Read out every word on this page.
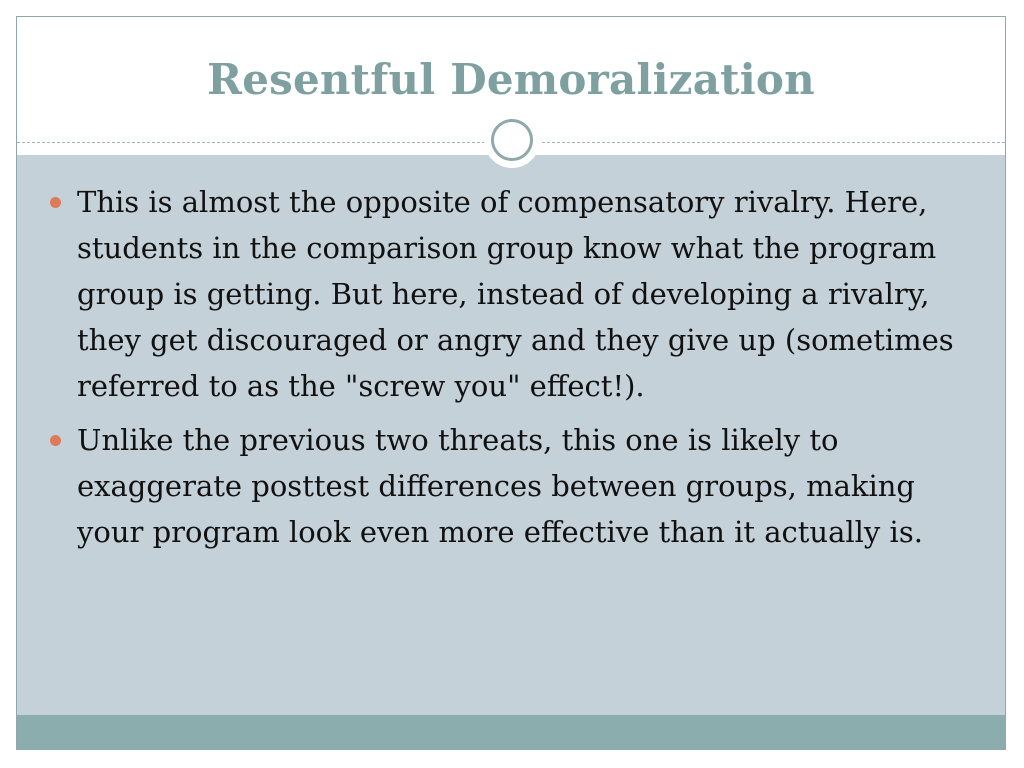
Resentful Demoralization
This is almost the opposite of compensatory rivalry. Here, students in the comparison group know what the program group is getting. But here, instead of developing a rivalry, they get discouraged or angry and they give up (sometimes referred to as the "screw you" effect!).
Unlike the previous two threats, this one is likely to exaggerate posttest differences between groups, making your program look even more effective than it actually is.
